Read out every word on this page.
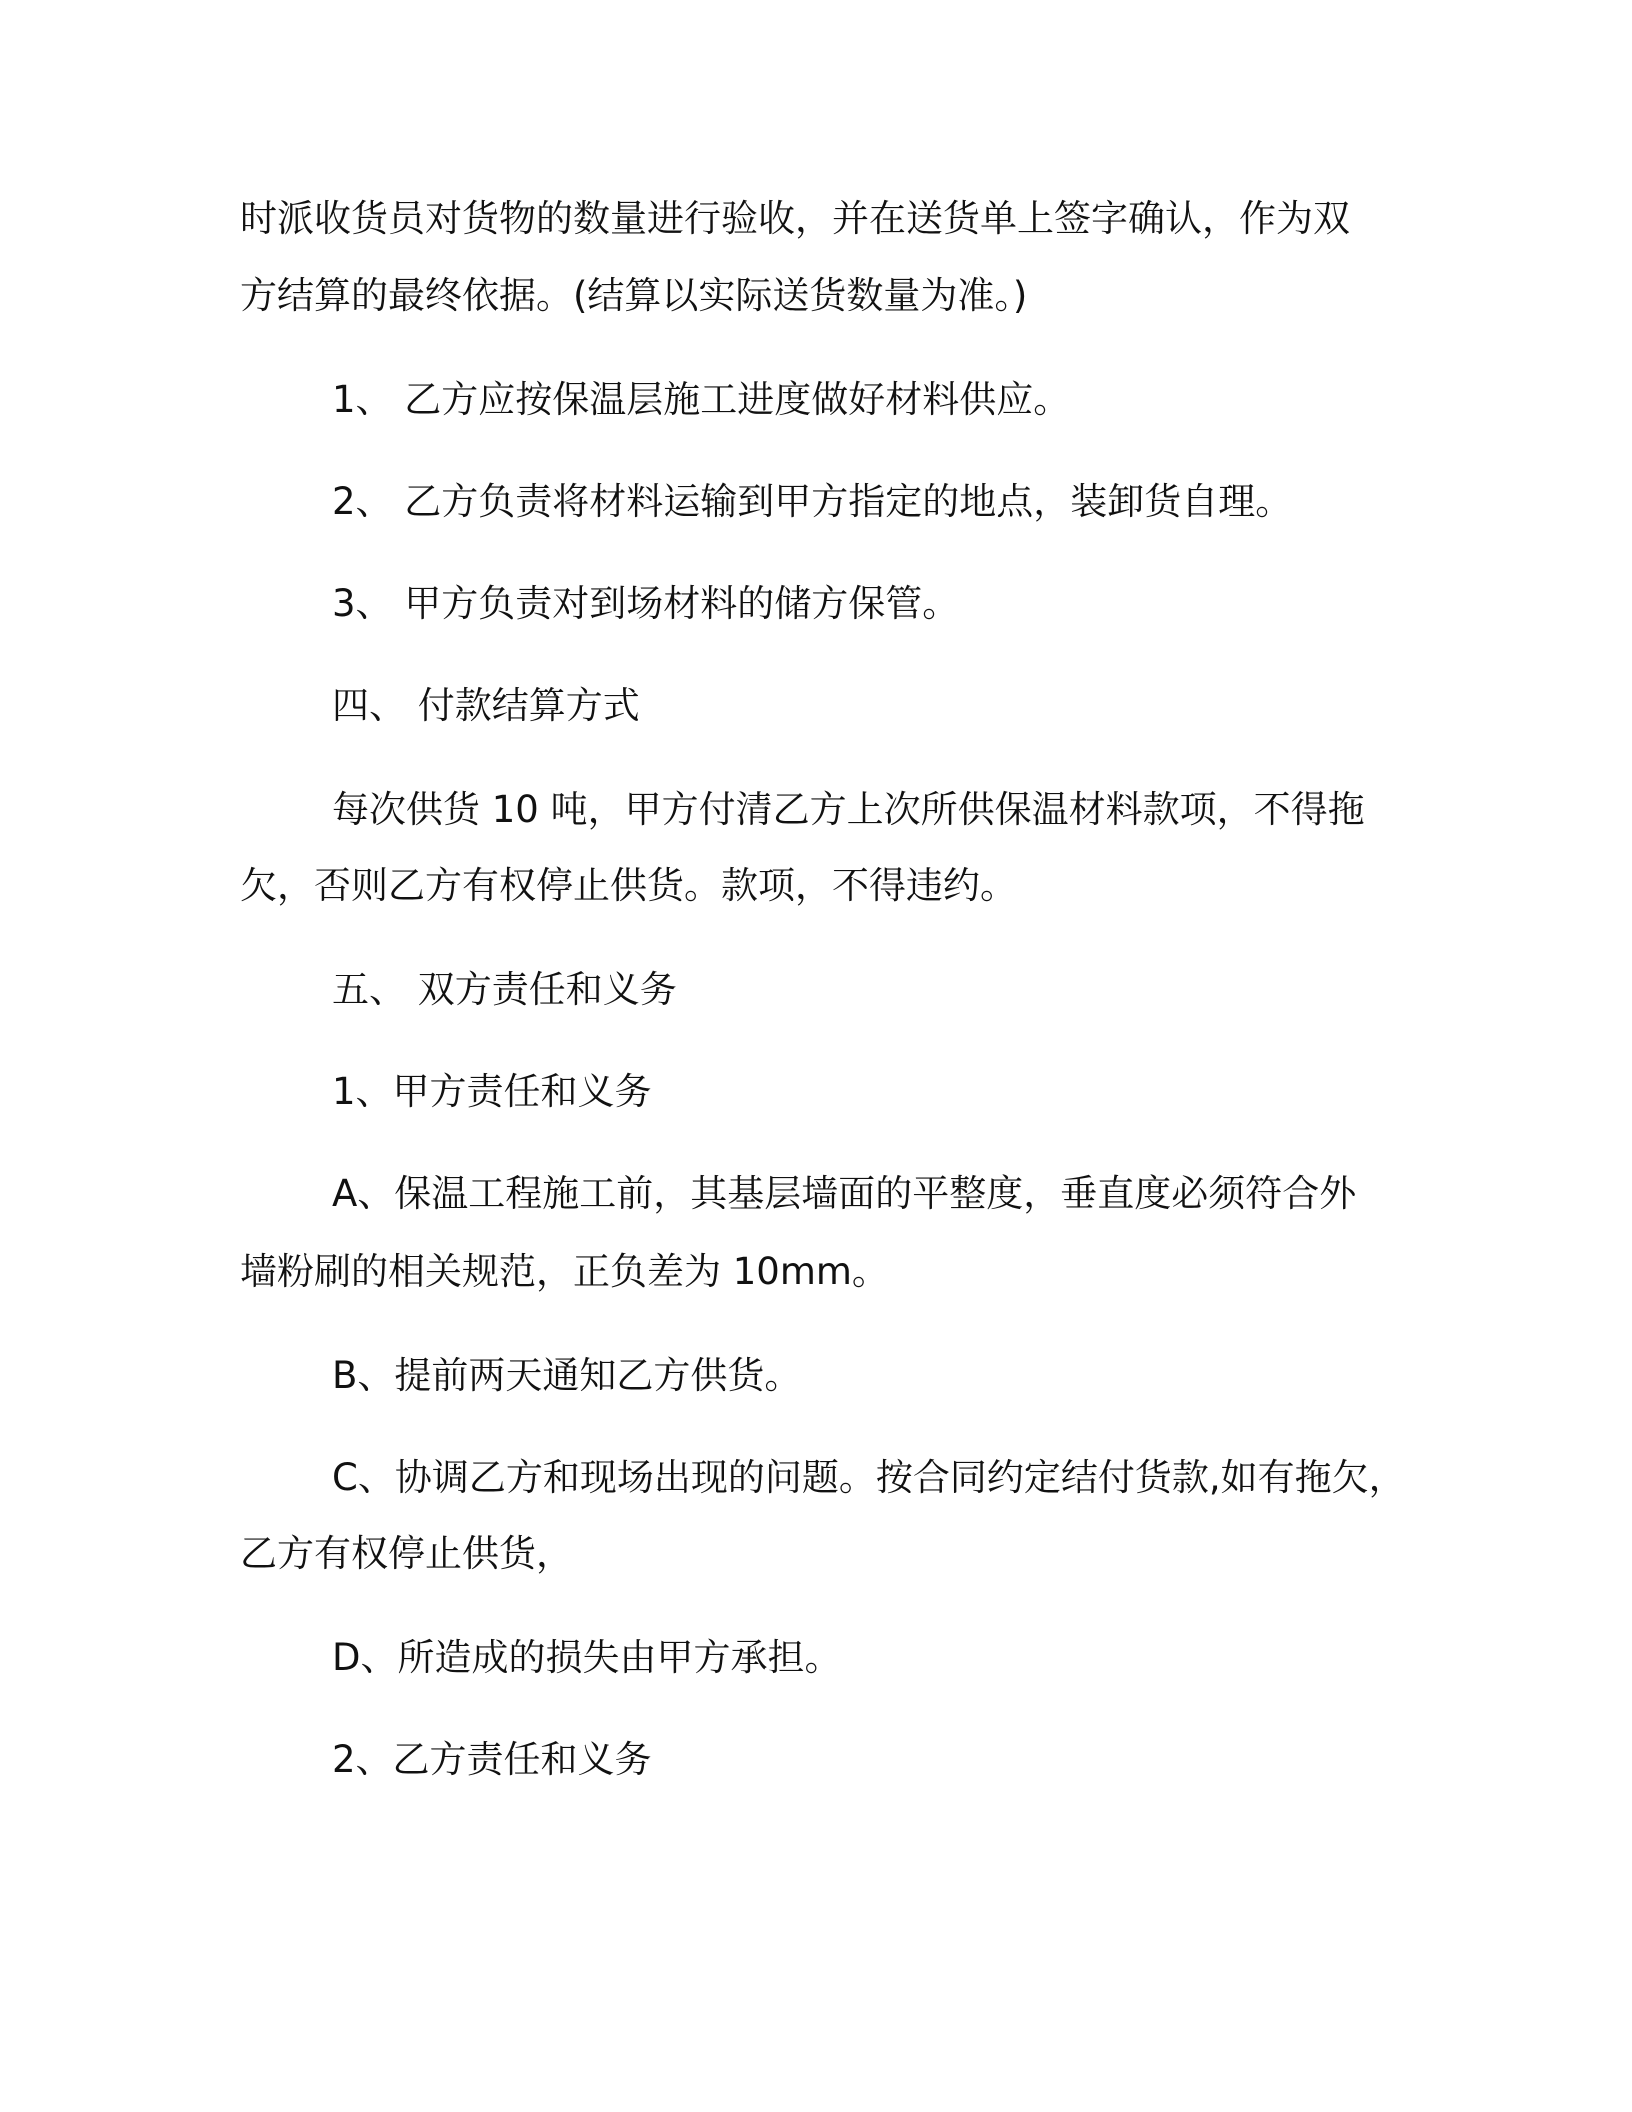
时派收货员对货物的数量进行验收，并在送货单上签字确认，作为双
方结算的最终依据。(结算以实际送货数量为准。)
1、 乙方应按保温层施工进度做好材料供应。
2、 乙方负责将材料运输到甲方指定的地点，装卸货自理。
3、 甲方负责对到场材料的储方保管。
四、 付款结算方式
每次供货 10 吨，甲方付清乙方上次所供保温材料款项，不得拖
欠，否则乙方有权停止供货。款项，不得违约。
五、 双方责任和义务
1、甲方责任和义务
A、保温工程施工前，其基层墙面的平整度，垂直度必须符合外
墙粉刷的相关规范，正负差为 10mm。
B、提前两天通知乙方供货。
C、协调乙方和现场出现的问题。按合同约定结付货款,如有拖欠，
乙方有权停止供货，
D、所造成的损失由甲方承担。
2、乙方责任和义务
